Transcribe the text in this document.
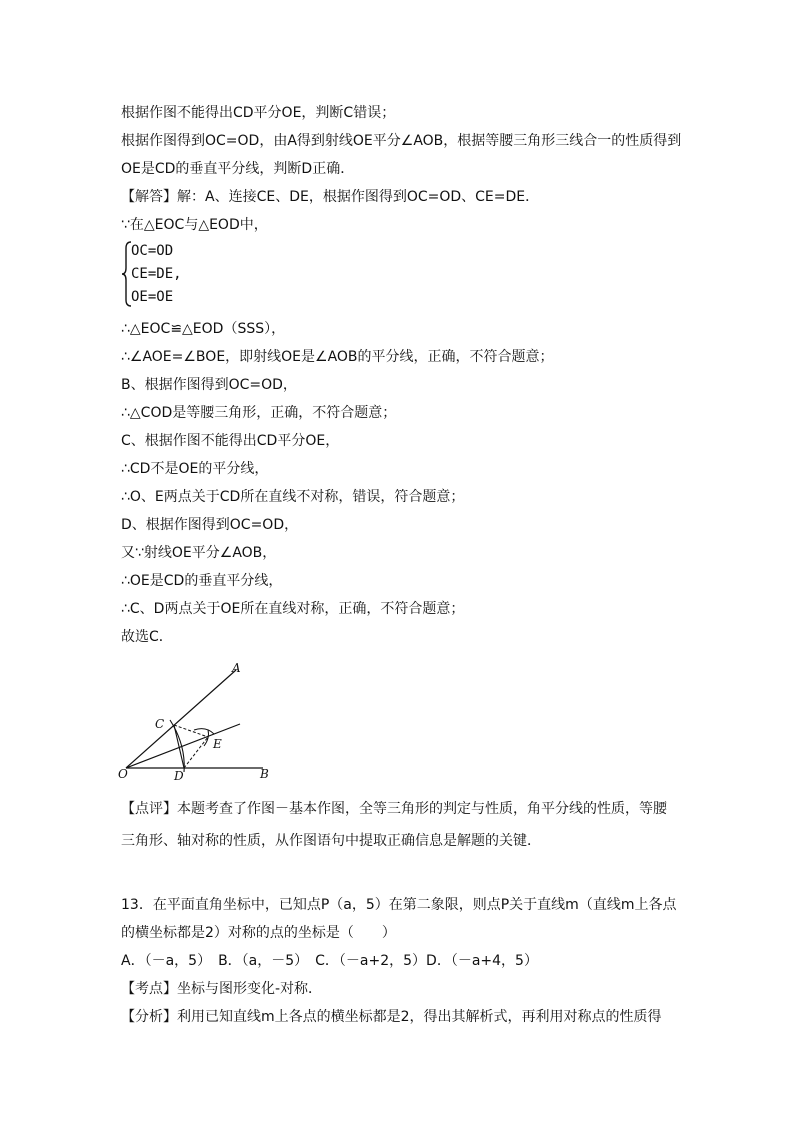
根据作图不能得出CD平分OE，判断C错误；
根据作图得到OC=OD，由A得到射线OE平分∠AOB，根据等腰三角形三线合一的性质得到
OE是CD的垂直平分线，判断D正确．
【解答】解：A、连接CE、DE，根据作图得到OC=OD、CE=DE．
∵在△EOC与△EOD中，
OC=OD
CE=DE,
OE=OE
∴△EOC≌△EOD（SSS），
∴∠AOE=∠BOE，即射线OE是∠AOB的平分线，正确，不符合题意；
B、根据作图得到OC=OD，
∴△COD是等腰三角形，正确，不符合题意；
C、根据作图不能得出CD平分OE，
∴CD不是OE的平分线，
∴O、E两点关于CD所在直线不对称，错误，符合题意；
D、根据作图得到OC=OD，
又∵射线OE平分∠AOB，
∴OE是CD的垂直平分线，
∴C、D两点关于OE所在直线对称，正确，不符合题意；
故选C．
A
B
C
D
E
O
【点评】本题考查了作图－基本作图，全等三角形的判定与性质，角平分线的性质，等腰
三角形、轴对称的性质，从作图语句中提取正确信息是解题的关键．
13．在平面直角坐标中，已知点P（a，5）在第二象限，则点P关于直线m（直线m上各点
的横坐标都是2）对称的点的坐标是（　　）
A．（－a，5）　B．（a，－5）　C．（－a+2，5）D．（－a+4，5）
【考点】坐标与图形变化-对称．
【分析】利用已知直线m上各点的横坐标都是2，得出其解析式，再利用对称点的性质得
